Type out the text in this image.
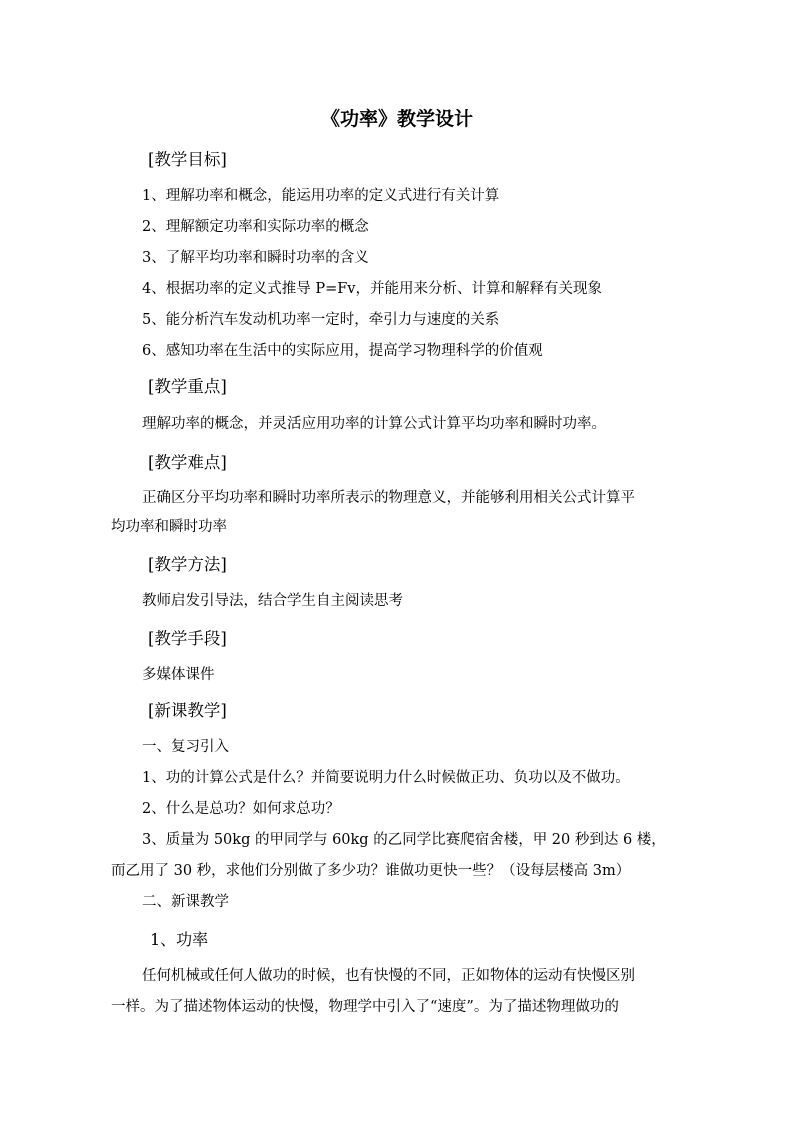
《功率》教学设计
[教学目标]
1、理解功率和概念，能运用功率的定义式进行有关计算
2、理解额定功率和实际功率的概念
3、了解平均功率和瞬时功率的含义
4、根据功率的定义式推导 P=Fv，并能用来分析、计算和解释有关现象
5、能分析汽车发动机功率一定时，牵引力与速度的关系
6、感知功率在生活中的实际应用，提高学习物理科学的价值观
[教学重点]
理解功率的概念，并灵活应用功率的计算公式计算平均功率和瞬时功率。
[教学难点]
正确区分平均功率和瞬时功率所表示的物理意义，并能够利用相关公式计算平
均功率和瞬时功率
[教学方法]
教师启发引导法，结合学生自主阅读思考
[教学手段]
多媒体课件
[新课教学]
一、复习引入
1、功的计算公式是什么？并简要说明力什么时候做正功、负功以及不做功。
2、什么是总功？如何求总功？
3、质量为 50kg 的甲同学与 60kg 的乙同学比赛爬宿舍楼，甲 20 秒到达 6 楼，
而乙用了 30 秒，求他们分别做了多少功？谁做功更快一些？（设每层楼高 3m）
二、新课教学
1、功率
任何机械或任何人做功的时候，也有快慢的不同，正如物体的运动有快慢区别
一样。为了描述物体运动的快慢，物理学中引入了“速度”。为了描述物理做功的
